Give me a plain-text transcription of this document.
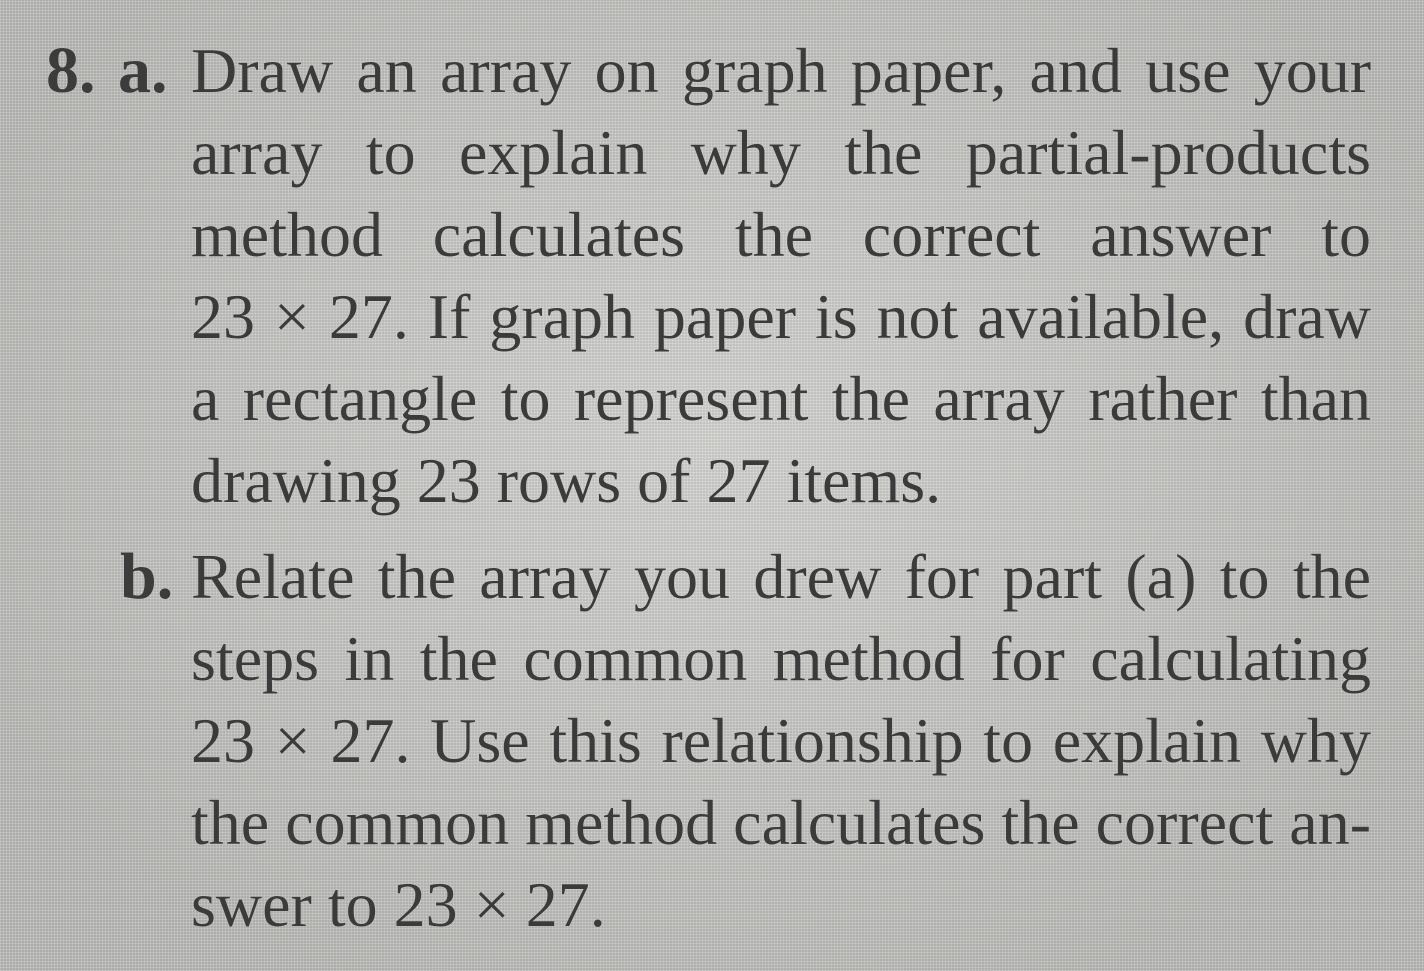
8. a. Draw an array on graph paper, and use your
array to explain why the partial-products
method calculates the correct answer to
23 × 27. If graph paper is not available, draw
a rectangle to represent the array rather than
drawing 23 rows of 27 items.
b. Relate the array you drew for part (a) to the
steps in the common method for calculating
23 × 27. Use this relationship to explain why
the common method calculates the correct an-
swer to 23 × 27.
